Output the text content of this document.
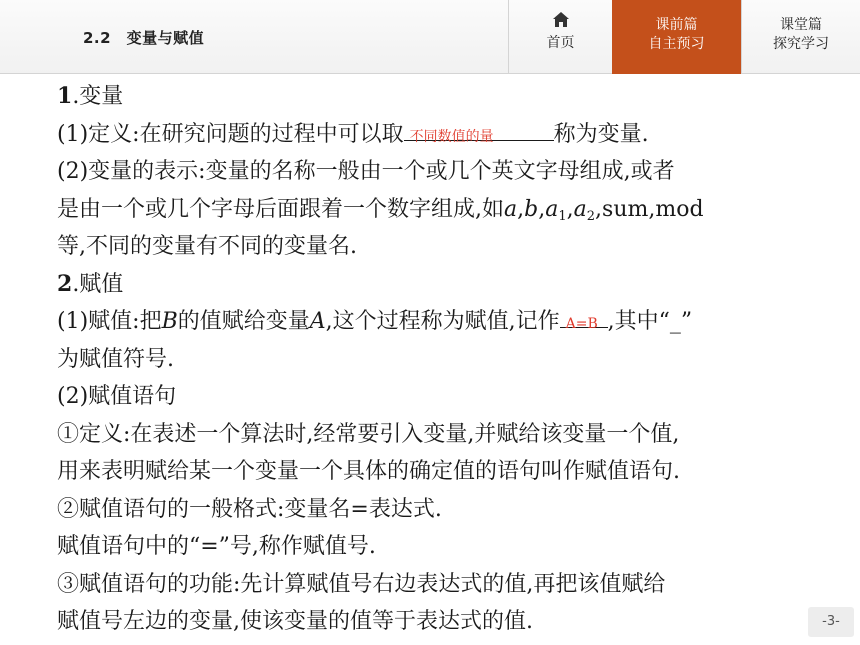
2.2　变量与赋值	首页
课前篇
自主预习
课堂篇
探究学习
1.变量
(1)定义:在研究问题的过程中可以取 不同数值的量	称为变量.
(2)变量的表示:变量的名称一般由一个或几个英文字母组成,或者
是由一个或几个字母后面跟着一个数字组成,如$a,b,a_1,a_2,sum,mod$
等,不同的变量有不同的变量名.
2.赋值
(1)赋值:把B的值赋给变量A,这个过程称为赋值,记作 A=B ,其中“_”
为赋值符号.
(2)赋值语句
①定义:在表述一个算法时,经常要引入变量,并赋给该变量一个值,
用来表明赋给某一个变量一个具体的确定值的语句叫作赋值语句.
②赋值语句的一般格式:变量名=表达式.
赋值语句中的“=”号,称作赋值号.
③赋值语句的功能:先计算赋值号右边表达式的值,再把该值赋给
赋值号左边的变量,使该变量的值等于表达式的值.	-3-
